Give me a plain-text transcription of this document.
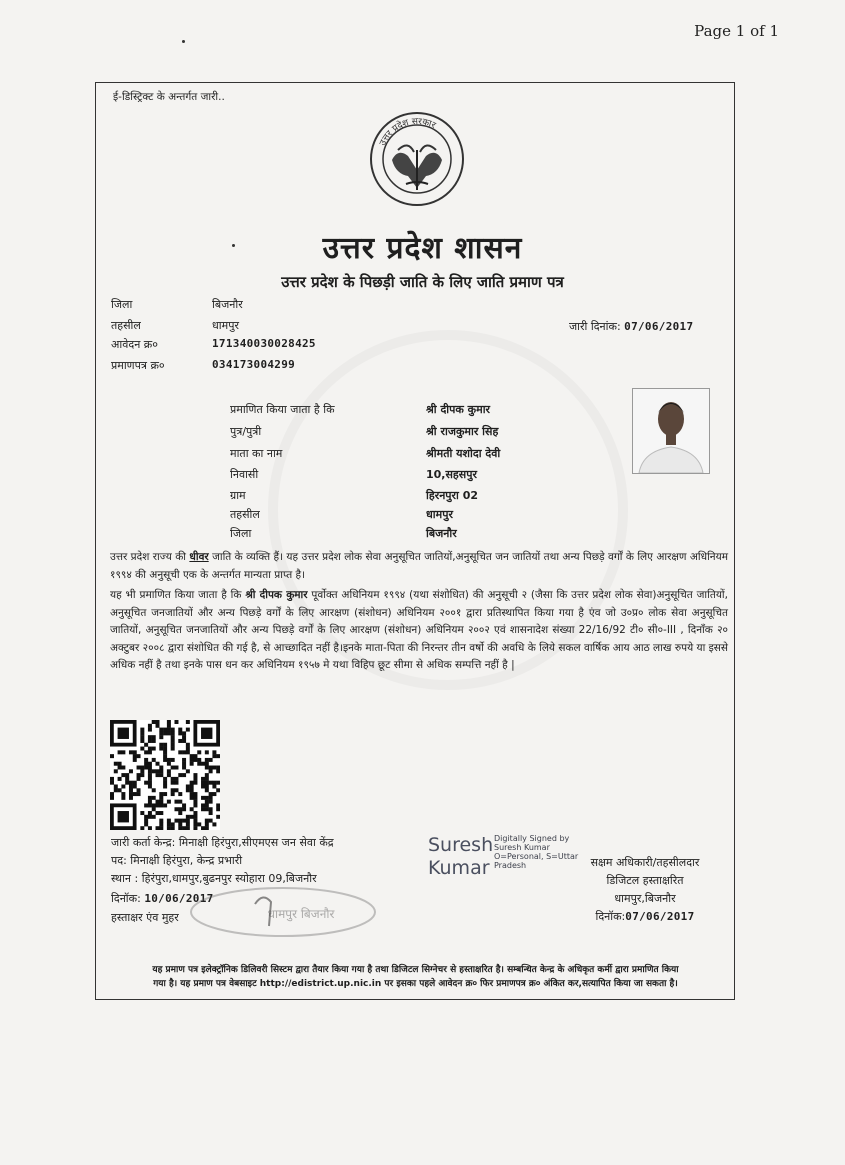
Page 1 of 1
ई-डिस्ट्रिक्ट के अन्तर्गत जारी..
उत्तर प्रदेश सरकार
उत्तर प्रदेश शासन
उत्तर प्रदेश के पिछड़ी जाति के लिए जाति प्रमाण पत्र
जिला	बिजनौर
तहसील	धामपुर
आवेदन क्र०	171340030028425
प्रमाणपत्र क्र०	034173004299
जारी दिनांक: 07/06/2017
प्रमाणित किया जाता है कि	श्री दीपक कुमार
पुत्र/पुत्री	श्री राजकुमार सिह
माता का नाम	श्रीमती यशोदा देवी
निवासी	10,सहसपुर
ग्राम	हिरनपुरा 02
तहसील	धामपुर
जिला	बिजनौर
उत्तर प्रदेश राज्य की धीवर जाति के व्यक्ति हैं। यह उत्तर प्रदेश लोक सेवा अनुसूचित जातियों,अनुसूचित जन जातियों तथा अन्य पिछड़े वर्गों के लिए आरक्षण अधिनियम १९९४ की अनुसूची एक के अन्तर्गत मान्यता प्राप्त है।
यह भी प्रमाणित किया जाता है कि श्री दीपक कुमार पूर्वोक्त अधिनियम १९९४ (यथा संशोधित) की अनुसूची २ (जैसा कि उत्तर प्रदेश लोक सेवा)अनुसूचित जातियों, अनुसूचित जनजातियों और अन्य पिछड़े वर्गों के लिए आरक्षण (संशोधन) अधिनियम २००१ द्वारा प्रतिस्थापित किया गया है एंव जो उ०प्र० लोक सेवा अनुसूचित जातियों, अनुसूचित जनजातियों और अन्य पिछड़े वर्गों के लिए आरक्षण (संशोधन) अधिनियम २००२ एवं शासनादेश संख्या 22/16/92 टी० सी०-III , दिनाँक २० अक्टुबर २००८ द्वारा संशोधित की गई है, से आच्छादित नहीं है।इनके माता-पिता की निरन्तर तीन वर्षो की अवधि के लिये सकल वार्षिक आय आठ लाख रुपये या इससे अधिक नहीं है तथा इनके पास धन कर अधिनियम १९५७ मे यथा विहिप छूट सीमा से अधिक सम्पत्ति नहीं है |
जारी कर्ता केन्द्र: मिनाक्षी हिरंपुरा,सीएमएस जन सेवा केंद्र
पद: मिनाक्षी हिरंपुरा, केन्द्र प्रभारी
स्थान : हिरंपुरा,धामपुर,बुढनपुर स्योहारा 09,बिजनौर
दिनॉक: 10/06/2017
हस्ताक्षर एंव मुहर	धामपुर बिजनौर
Suresh
Kumar
Digitally Signed by
Suresh Kumar
O=Personal, S=Uttar
Pradesh	सक्षम अधिकारी/तहसीलदार
डिजिटल हस्ताक्षरित
धामपुर,बिजनौर
दिनॉक:07/06/2017
यह प्रमाण पत्र इलेक्ट्रॉनिक डिलिवरी सिस्टम द्वारा तैयार किया गया है तथा डिजिटल सिग्नेचर से हस्ताक्षरित है। सम्बन्धित केन्द्र के अधिकृत कर्मी द्वारा प्रमाणित किया
गया है। यह प्रमाण पत्र वेबसाइट http://edistrict.up.nic.in पर इसका पहले आवेदन क्र० फिर प्रमाणपत्र क्र० अंकित कर,सत्यापित किया जा सकता है।
